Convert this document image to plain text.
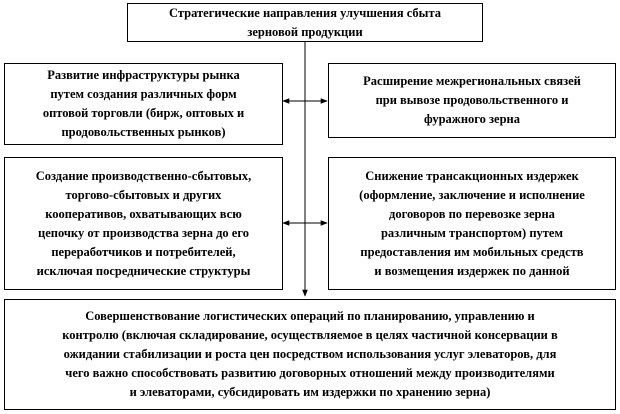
Стратегические направления улучшения сбыта
зерновой продукции
Развитие инфраструктуры рынка
путем создания различных форм
оптовой торговли (бирж, оптовых и
продовольственных рынков)
Расширение межрегиональных связей
при вывозе продовольственного и
фуражного зерна
Создание производственно-сбытовых,
торгово-сбытовых и других
кооперативов, охватывающих всю
цепочку от производства зерна до его
переработчиков и потребителей,
исключая посреднические структуры
Снижение трансакционных издержек
(оформление, заключение и исполнение
договоров по перевозке зерна
различным транспортом) путем
предоставления им мобильных средств
и возмещения издержек по данной
Совершенствование логистических операций по планированию, управлению и
контролю (включая складирование, осуществляемое в целях частичной консервации в
ожидании стабилизации и роста цен посредством использования услуг элеваторов, для
чего важно способствовать развитию договорных отношений между производителями
и элеваторами, субсидировать им издержки по хранению зерна)
